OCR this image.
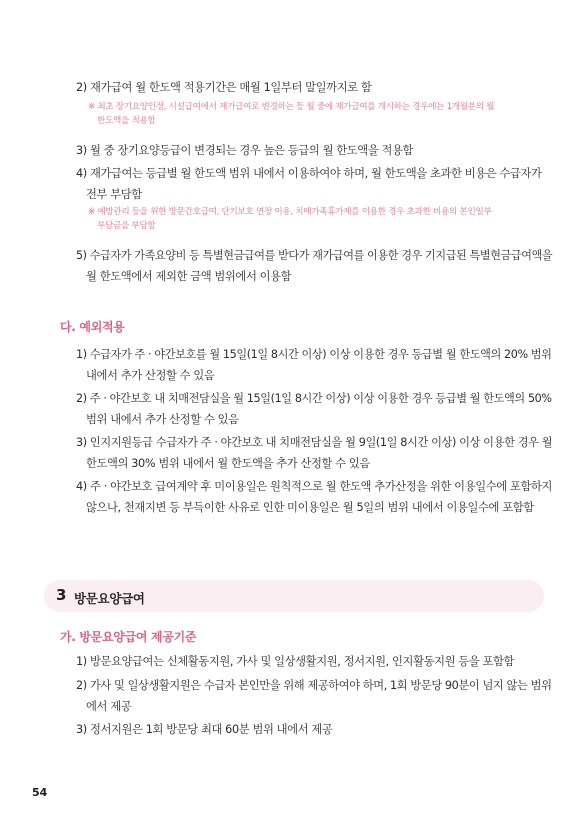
2) 재가급여 월 한도액 적용기간은 매월 1일부터 말일까지로 함
※ 최초 장기요양인정, 시설급여에서 재가급여로 변경하는 등 월 중에 재가급여를 개시하는 경우에는 1개월분의 월
한도액을 적용함
3) 월 중 장기요양등급이 변경되는 경우 높은 등급의 월 한도액을 적용함
4) 재가급여는 등급별 월 한도액 범위 내에서 이용하여야 하며, 월 한도액을 초과한 비용은 수급자가
전부 부담함
※ 예방관리 등을 위한 방문간호급여, 단기보호 연장 이용, 치매가족휴가제를 이용한 경우 초과한 비용의 본인일부
부담금을 부담함
5) 수급자가 가족요양비 등 특별현금급여를 받다가 재가급여를 이용한 경우 기지급된 특별현금급여액을
월 한도액에서 제외한 금액 범위에서 이용함
다. 예외적용
1) 수급자가 주 · 야간보호를 월 15일(1일 8시간 이상) 이상 이용한 경우 등급별 월 한도액의 20% 범위
내에서 추가 산정할 수 있음
2) 주 · 야간보호 내 치매전담실을 월 15일(1일 8시간 이상) 이상 이용한 경우 등급별 월 한도액의 50%
범위 내에서 추가 산정할 수 있음
3) 인지지원등급 수급자가 주 · 야간보호 내 치매전담실을 월 9일(1일 8시간 이상) 이상 이용한 경우 월
한도액의 30% 범위 내에서 월 한도액을 추가 산정할 수 있음
4) 주 · 야간보호 급여계약 후 미이용일은 원칙적으로 월 한도액 추가산정을 위한 이용일수에 포함하지
않으나, 천재지변 등 부득이한 사유로 인한 미이용일은 월 5일의 범위 내에서 이용일수에 포함함
3 방문요양급여
가. 방문요양급여 제공기준
1) 방문요양급여는 신체활동지원, 가사 및 일상생활지원, 정서지원, 인지활동지원 등을 포함함
2) 가사 및 일상생활지원은 수급자 본인만을 위해 제공하여야 하며, 1회 방문당 90분이 넘지 않는 범위
에서 제공
3) 정서지원은 1회 방문당 최대 60분 범위 내에서 제공
54
